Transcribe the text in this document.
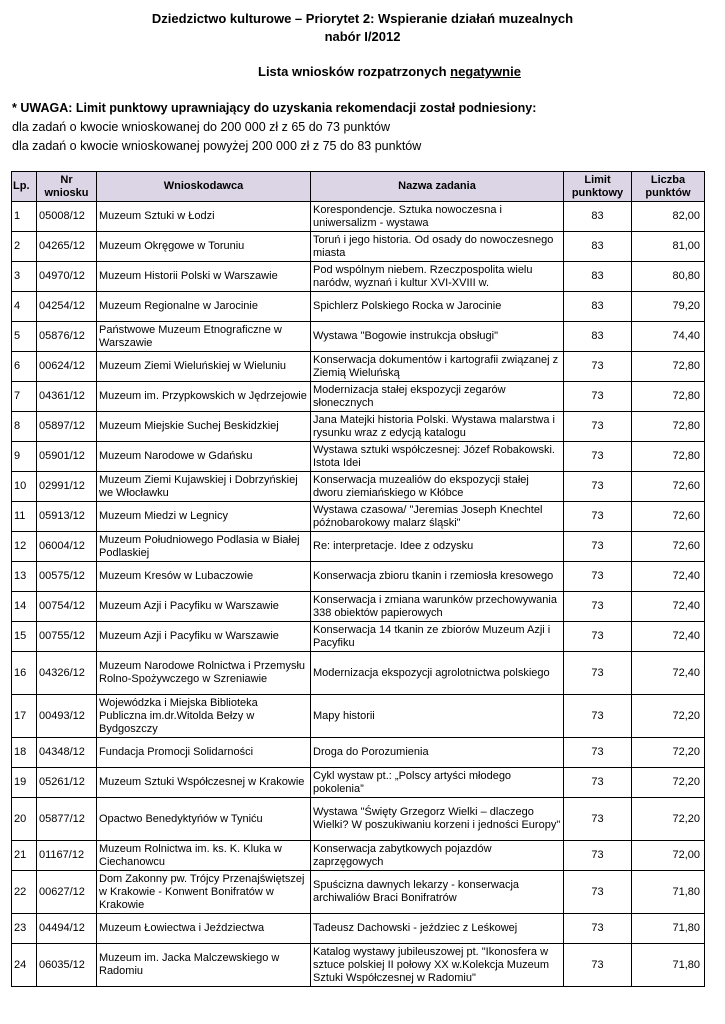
Dziedzictwo kulturowe – Priorytet 2: Wspieranie działań muzealnych
nabór I/2012
Lista wniosków rozpatrzonych negatywnie
* UWAGA: Limit punktowy uprawniający do uzyskania rekomendacji został podniesiony:
dla zadań o kwocie wnioskowanej do 200 000 zł z 65 do 73 punktów
dla zadań o kwocie wnioskowanej powyżej 200 000 zł z 75 do 83 punktów
Lp.	Nr wniosku	Wnioskodawca	Nazwa zadania	Limit punktowy	Liczba punktów
1	05008/12	Muzeum Sztuki w Łodzi	Korespondencje. Sztuka nowoczesna i uniwersalizm - wystawa	83	82,00
2	04265/12	Muzeum Okręgowe w Toruniu	Toruń i jego historia. Od osady do nowoczesnego miasta	83	81,00
3	04970/12	Muzeum Historii Polski w Warszawie	Pod wspólnym niebem. Rzeczpospolita wielu naródw, wyznań i kultur XVI-XVIII w.	83	80,80
4	04254/12	Muzeum Regionalne w Jarocinie	Spichlerz Polskiego Rocka w Jarocinie	83	79,20
5	05876/12	Państwowe Muzeum Etnograficzne w Warszawie	Wystawa "Bogowie instrukcja obsługi"	83	74,40
6	00624/12	Muzeum Ziemi Wieluńskiej w Wieluniu	Konserwacja dokumentów i kartografii związanej z Ziemią Wieluńską	73	72,80
7	04361/12	Muzeum im. Przypkowskich w Jędrzejowie	Modernizacja stałej ekspozycji zegarów słonecznych	73	72,80
8	05897/12	Muzeum Miejskie Suchej Beskidzkiej	Jana Matejki historia Polski. Wystawa malarstwa i rysunku wraz z edycją katalogu	73	72,80
9	05901/12	Muzeum Narodowe w Gdańsku	Wystawa sztuki współczesnej: Józef Robakowski. Istota Idei	73	72,80
10	02991/12	Muzeum Ziemi Kujawskiej i Dobrzyńskiej we Włocławku	Konserwacja muzealiów do ekspozycji stałej dworu ziemiańskiego w Kłóbce	73	72,60
11	05913/12	Muzeum Miedzi w Legnicy	Wystawa czasowa/ "Jeremias Joseph Knechtel późnobarokowy malarz śląski"	73	72,60
12	06004/12	Muzeum Południowego Podlasia w Białej Podlaskiej	Re: interpretacje. Idee z odzysku	73	72,60
13	00575/12	Muzeum Kresów w Lubaczowie	Konserwacja zbioru tkanin i rzemiosła kresowego	73	72,40
14	00754/12	Muzeum Azji i Pacyfiku w Warszawie	Konserwacja i zmiana warunków przechowywania 338 obiektów papierowych	73	72,40
15	00755/12	Muzeum Azji i Pacyfiku w Warszawie	Konserwacja 14 tkanin ze zbiorów Muzeum Azji i Pacyfiku	73	72,40
16	04326/12	Muzeum Narodowe Rolnictwa i Przemysłu Rolno-Spożywczego w Szreniawie	Modernizacja ekspozycji agrolotnictwa polskiego	73	72,40
17	00493/12	Wojewódzka i Miejska Biblioteka Publiczna im.dr.Witolda Bełzy w Bydgoszczy	Mapy historii	73	72,20
18	04348/12	Fundacja Promocji Solidarności	Droga do Porozumienia	73	72,20
19	05261/12	Muzeum Sztuki Współczesnej w Krakowie	Cykl wystaw pt.: „Polscy artyści młodego pokolenia”	73	72,20
20	05877/12	Opactwo Benedyktyńów w Tyniću	Wystawa "Święty Grzegorz Wielki – dlaczego Wielki? W poszukiwaniu korzeni i jedności Europy"	73	72,20
21	01167/12	Muzeum Rolnictwa im. ks. K. Kluka w Ciechanowcu	Konserwacja zabytkowych pojazdów zaprzęgowych	73	72,00
22	00627/12	Dom Zakonny pw. Trójcy Przenajświętszej w Krakowie - Konwent Bonifratów w Krakowie	Spuścizna dawnych lekarzy - konserwacja archiwaliów Braci Bonifratrów	73	71,80
23	04494/12	Muzeum Łowiectwa i Jeździectwa	Tadeusz Dachowski - jeździec z Leśkowej	73	71,80
24	06035/12	Muzeum im. Jacka Malczewskiego w Radomiu	Katalog wystawy jubileuszowej pt. "Ikonosfera w sztuce polskiej II połowy XX w.Kolekcja Muzeum Sztuki Współczesnej w Radomiu"	73	71,80
